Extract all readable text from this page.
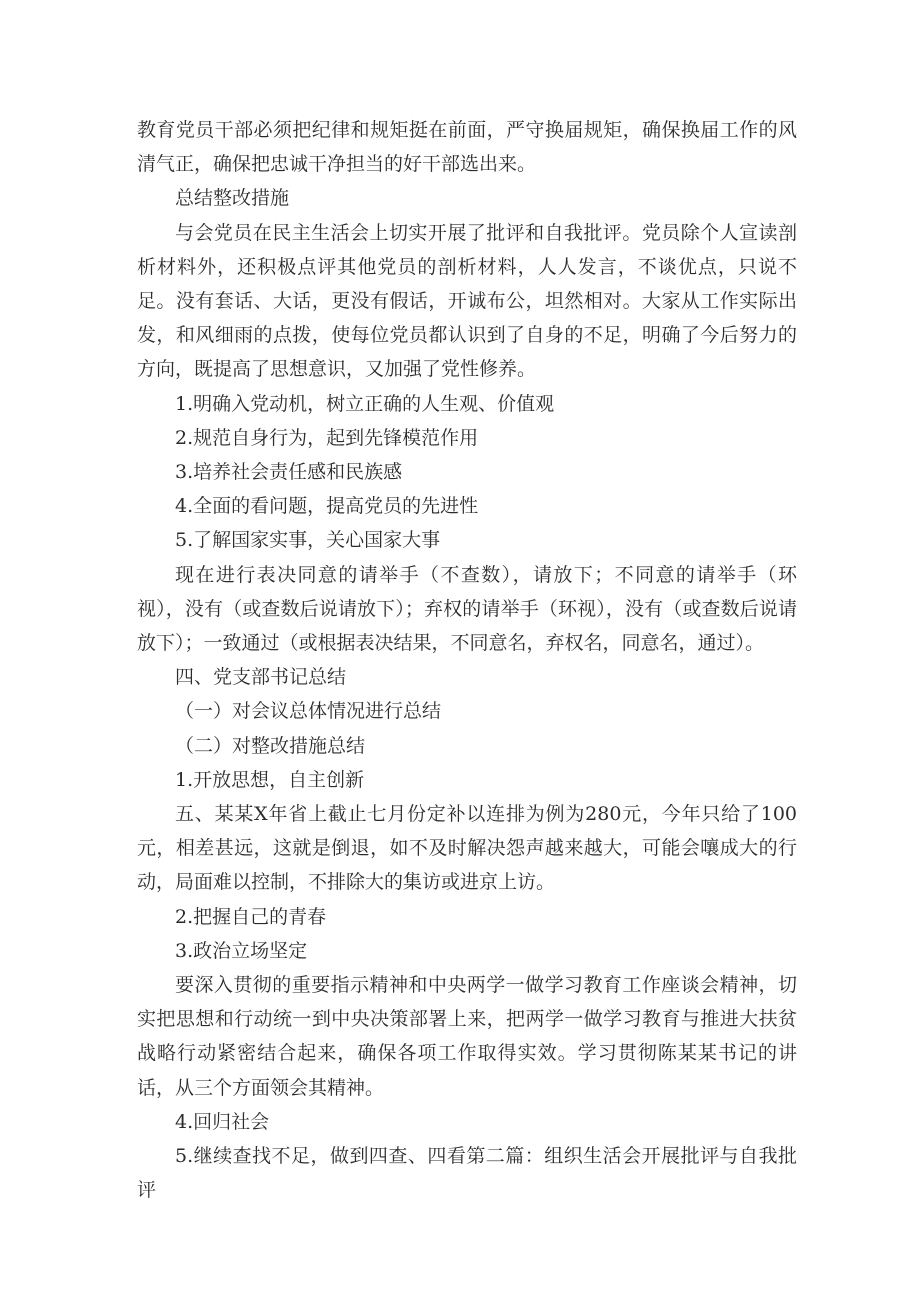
教育党员干部必须把纪律和规矩挺在前面，严守换届规矩，确保换届工作的风清气正，确保把忠诚干净担当的好干部选出来。

总结整改措施

与会党员在民主生活会上切实开展了批评和自我批评。党员除个人宣读剖析材料外，还积极点评其他党员的剖析材料，人人发言，不谈优点，只说不足。没有套话、大话，更没有假话，开诚布公，坦然相对。大家从工作实际出发，和风细雨的点拨，使每位党员都认识到了自身的不足，明确了今后努力的方向，既提高了思想意识，又加强了党性修养。

1.明确入党动机，树立正确的人生观、价值观

2.规范自身行为，起到先锋模范作用

3.培养社会责任感和民族感

4.全面的看问题，提高党员的先进性

5.了解国家实事，关心国家大事

现在进行表决同意的请举手（不查数），请放下；不同意的请举手（环视），没有（或查数后说请放下）；弃权的请举手（环视），没有（或查数后说请放下）；一致通过（或根据表决结果，不同意名，弃权名，同意名，通过）。

四、党支部书记总结

（一）对会议总体情况进行总结

（二）对整改措施总结

1.开放思想，自主创新

五、某某X年省上截止七月份定补以连排为例为280元，今年只给了100元，相差甚远，这就是倒退，如不及时解决怨声越来越大，可能会嚷成大的行动，局面难以控制，不排除大的集访或进京上访。

2.把握自己的青春

3.政治立场坚定

要深入贯彻的重要指示精神和中央两学一做学习教育工作座谈会精神，切实把思想和行动统一到中央决策部署上来，把两学一做学习教育与推进大扶贫战略行动紧密结合起来，确保各项工作取得实效。学习贯彻陈某某书记的讲话，从三个方面领会其精神。

4.回归社会

5.继续查找不足，做到四查、四看第二篇：组织生活会开展批评与自我批评
